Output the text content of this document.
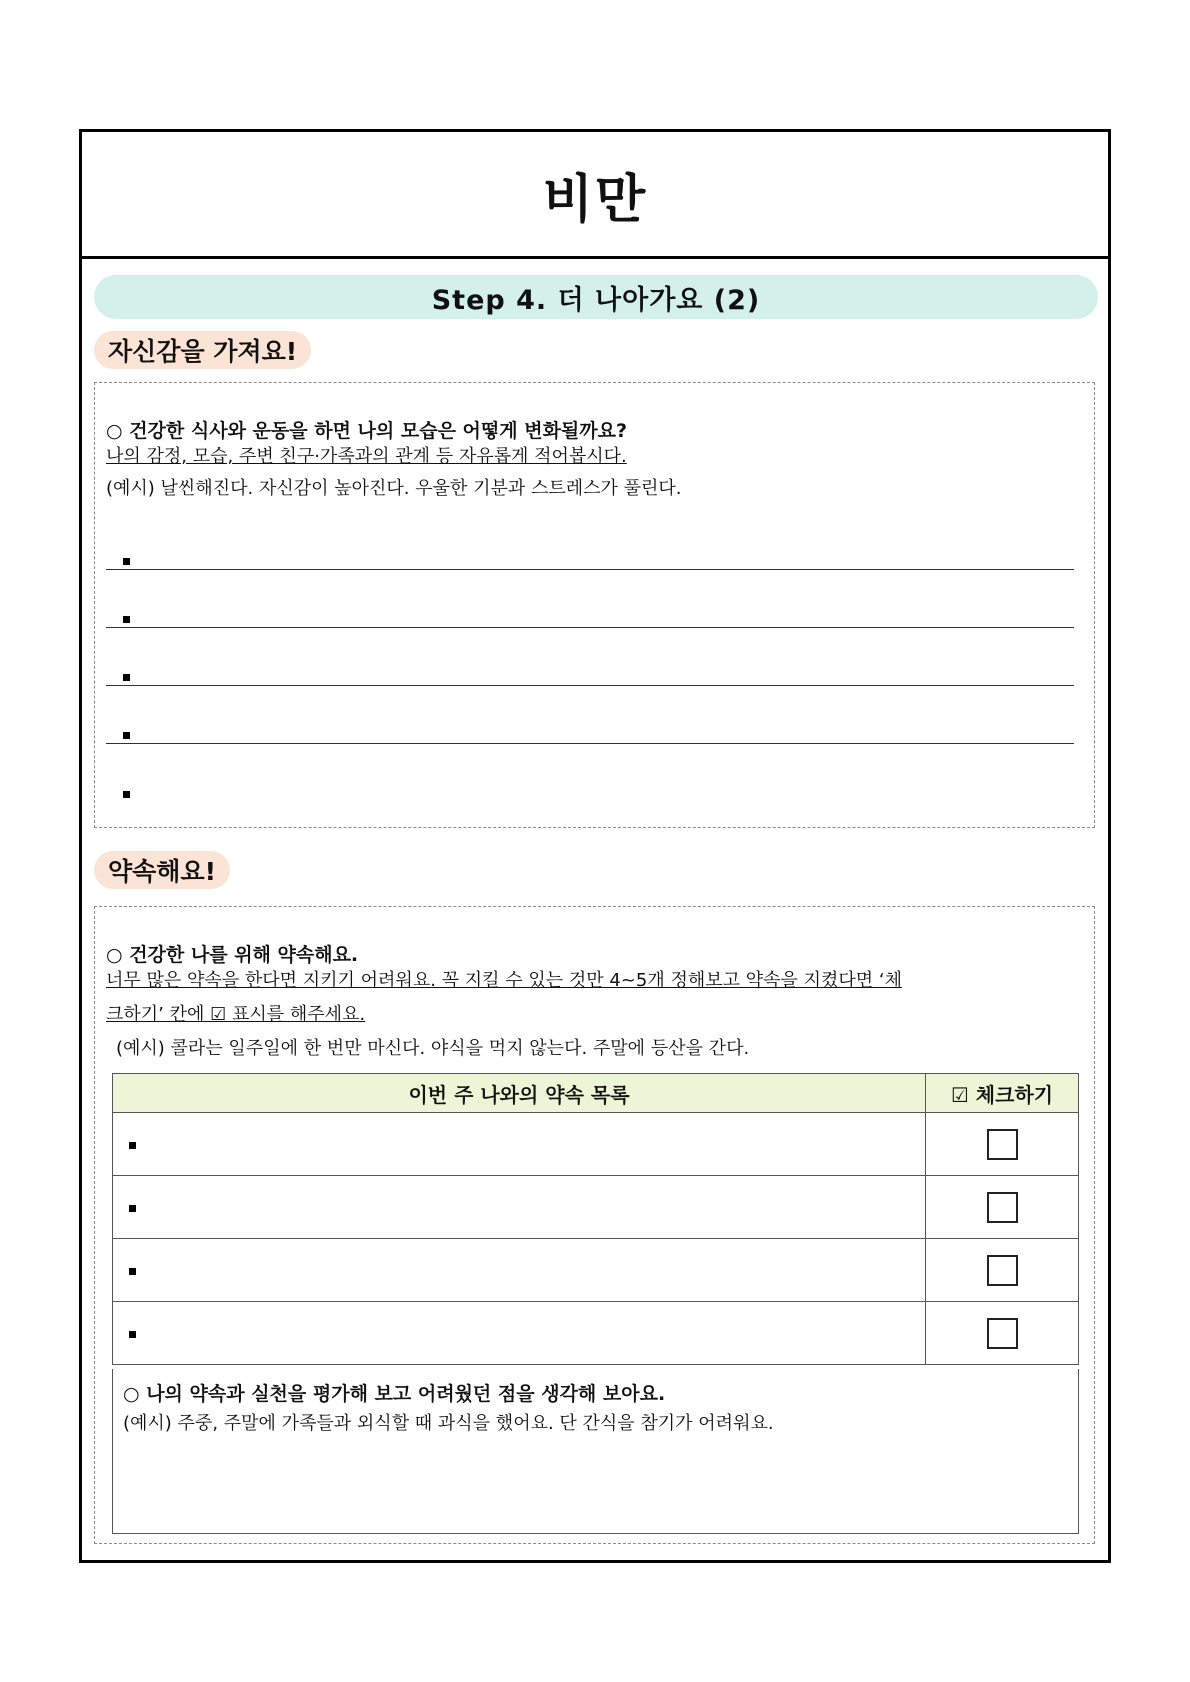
비만
Step 4. 더 나아가요 (2)
자신감을 가져요!
○ 건강한 식사와 운동을 하면 나의 모습은 어떻게 변화될까요?
나의 감정, 모습, 주변 친구·가족과의 관계 등 자유롭게 적어봅시다.
(예시) 날씬해진다. 자신감이 높아진다. 우울한 기분과 스트레스가 풀린다.
약속해요!
○ 건강한 나를 위해 약속해요.
너무 많은 약속을 한다면 지키기 어려워요. 꼭 지킬 수 있는 것만 4~5개 정해보고 약속을 지켰다면 ‘체
크하기’ 칸에 ☑ 표시를 해주세요.
(예시) 콜라는 일주일에 한 번만 마신다. 야식을 먹지 않는다. 주말에 등산을 간다.
이번 주 나와의 약속 목록	☑ 체크하기

○ 나의 약속과 실천을 평가해 보고 어려웠던 점을 생각해 보아요.
(예시) 주중, 주말에 가족들과 외식할 때 과식을 했어요. 단 간식을 참기가 어려워요.
